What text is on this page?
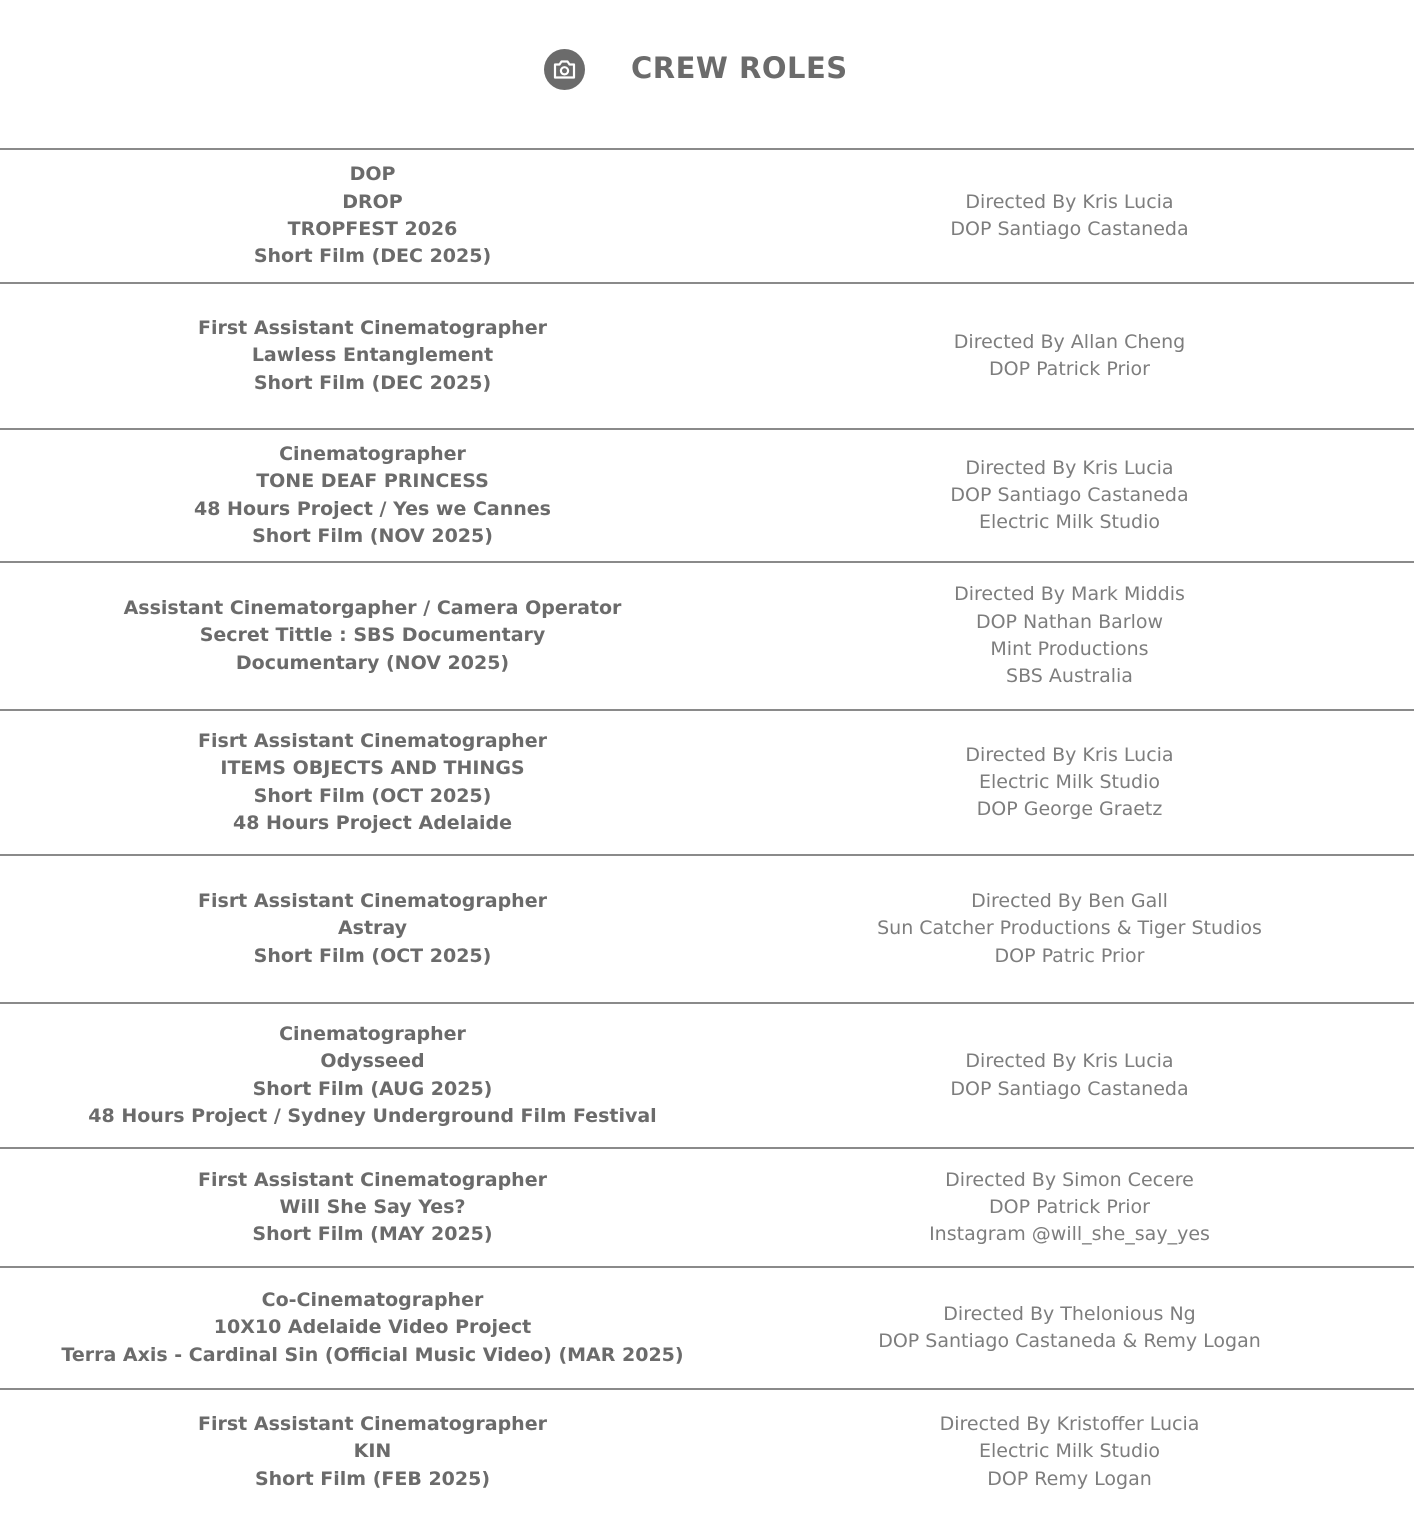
CREW ROLES
DOP
DROP
TROPFEST 2026
Short Film (DEC 2025)
Directed By Kris Lucia
DOP Santiago Castaneda
First Assistant Cinematographer
Lawless Entanglement
Short Film (DEC 2025)
Directed By Allan Cheng
DOP Patrick Prior
Cinematographer
TONE DEAF PRINCESS
48 Hours Project / Yes we Cannes
Short Film (NOV 2025)
Directed By Kris Lucia
DOP Santiago Castaneda
Electric Milk Studio
Assistant Cinematorgapher / Camera Operator
Secret Tittle : SBS Documentary
Documentary (NOV 2025)
Directed By Mark Middis
DOP Nathan Barlow
Mint Productions
SBS Australia
Fisrt Assistant Cinematographer
ITEMS OBJECTS AND THINGS
Short Film (OCT 2025)
48 Hours Project Adelaide
Directed By Kris Lucia
Electric Milk Studio
DOP George Graetz
Fisrt Assistant Cinematographer
Astray
Short Film (OCT 2025)
Directed By Ben Gall
Sun Catcher Productions & Tiger Studios
DOP Patric Prior
Cinematographer
Odysseed
Short Film (AUG 2025)
48 Hours Project / Sydney Underground Film Festival
Directed By Kris Lucia
DOP Santiago Castaneda
First Assistant Cinematographer
Will She Say Yes?
Short Film (MAY 2025)
Directed By Simon Cecere
DOP Patrick Prior
Instagram @will_she_say_yes
Co-Cinematographer
10X10 Adelaide Video Project
Terra Axis - Cardinal Sin (Official Music Video) (MAR 2025)
Directed By Thelonious Ng
DOP Santiago Castaneda & Remy Logan
First Assistant Cinematographer
KIN
Short Film (FEB 2025)
Directed By Kristoffer Lucia
Electric Milk Studio
DOP Remy Logan
